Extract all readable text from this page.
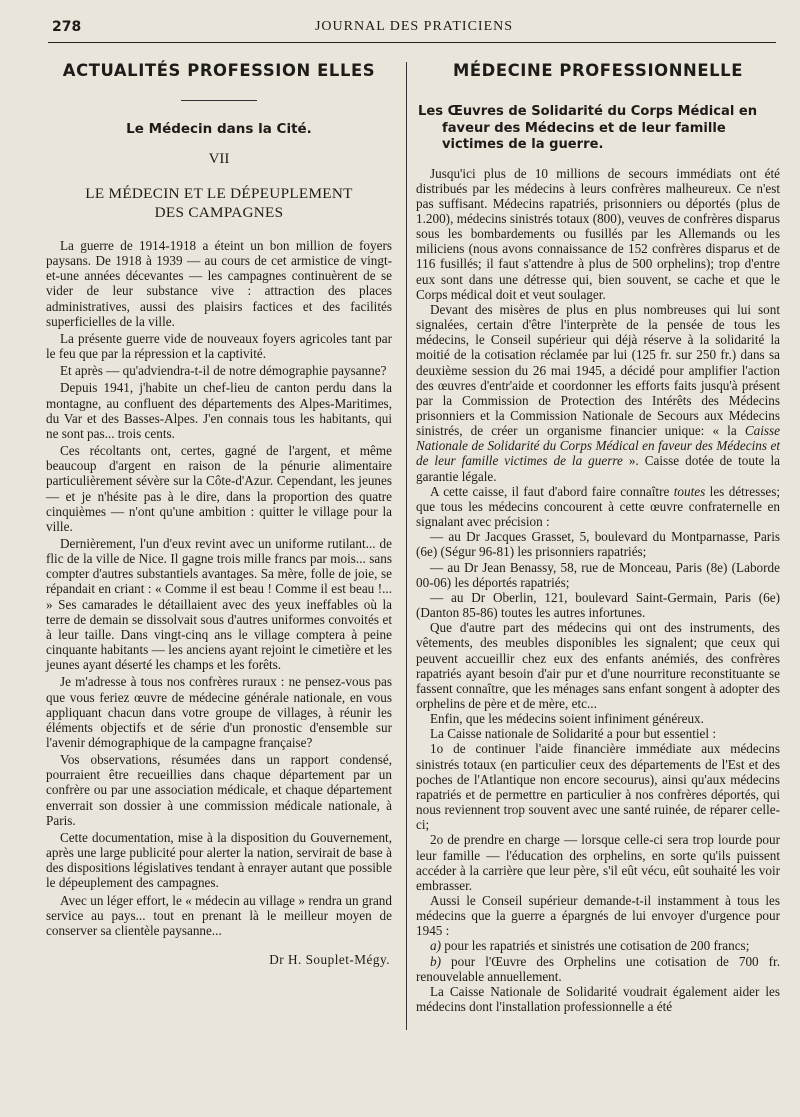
278	JOURNAL DES PRATICIENS
ACTUALITÉS PROFESSION ELLES
Le Médecin dans la Cité.
VII
LE MÉDECIN ET LE DÉPEUPLEMENT
DES CAMPAGNES

La guerre de 1914-1918 a éteint un bon million de foyers paysans. De 1918 à 1939 — au cours de cet armistice de vingt-et-une années décevantes — les campagnes continuèrent de se vider de leur substance vive : attraction des places administratives, aussi des plaisirs factices et des facilités superficielles de la ville.

La présente guerre vide de nouveaux foyers agricoles tant par le feu que par la répression et la captivité.

Et après — qu'adviendra-t-il de notre démographie paysanne?

Depuis 1941, j'habite un chef-lieu de canton perdu dans la montagne, au confluent des départements des Alpes-Maritimes, du Var et des Basses-Alpes. J'en connais tous les habitants, qui ne sont pas... trois cents.

Ces récoltants ont, certes, gagné de l'argent, et même beaucoup d'argent en raison de la pénurie alimentaire particulièrement sévère sur la Côte-d'Azur. Cependant, les jeunes — et je n'hésite pas à le dire, dans la proportion des quatre cinquièmes — n'ont qu'une ambition : quitter le village pour la ville.

Dernièrement, l'un d'eux revint avec un uniforme rutilant... de flic de la ville de Nice. Il gagne trois mille francs par mois... sans compter d'autres substantiels avantages. Sa mère, folle de joie, se répandait en criant : « Comme il est beau ! Comme il est beau !... » Ses camarades le détaillaient avec des yeux ineffables où la terre de demain se dissolvait sous d'autres uniformes convoités et à leur taille. Dans vingt-cinq ans le village comptera à peine cinquante habitants — les anciens ayant rejoint le cimetière et les jeunes ayant déserté les champs et les forêts.

Je m'adresse à tous nos confrères ruraux : ne pensez-vous pas que vous feriez œuvre de médecine générale nationale, en vous appliquant chacun dans votre groupe de villages, à réunir les éléments objectifs et de série d'un pronostic d'ensemble sur l'avenir démographique de la campagne française?

Vos observations, résumées dans un rapport condensé, pourraient être recueillies dans chaque département par un confrère ou par une association médicale, et chaque département enverrait son dossier à une commission médicale nationale, à Paris.

Cette documentation, mise à la disposition du Gouvernement, après une large publicité pour alerter la nation, servirait de base à des dispositions législatives tendant à enrayer autant que possible le dépeuplement des campagnes.

Avec un léger effort, le « médecin au village » rendra un grand service au pays... tout en prenant là le meilleur moyen de conserver sa clientèle paysanne...

Dr H. Souplet-Mégy.
MÉDECINE PROFESSIONNELLE
Les Œuvres de Solidarité du Corps Médical en faveur des Médecins et de leur famille victimes de la guerre.

Jusqu'ici plus de 10 millions de secours immédiats ont été distribués par les médecins à leurs confrères malheureux. Ce n'est pas suffisant. Médecins rapatriés, prisonniers ou déportés (plus de 1.200), médecins sinistrés totaux (800), veuves de confrères disparus sous les bombardements ou fusillés par les Allemands ou les miliciens (nous avons connaissance de 152 confrères disparus et de 116 fusillés; il faut s'attendre à plus de 500 orphelins); trop d'entre eux sont dans une détresse qui, bien souvent, se cache et que le Corps médical doit et veut soulager.

Devant des misères de plus en plus nombreuses qui lui sont signalées, certain d'être l'interprète de la pensée de tous les médecins, le Conseil supérieur qui déjà réserve à la solidarité la moitié de la cotisation réclamée par lui (125 fr. sur 250 fr.) dans sa deuxième session du 26 mai 1945, a décidé pour amplifier l'action des œuvres d'entr'aide et coordonner les efforts faits jusqu'à présent par la Commission de Protection des Intérêts des Médecins prisonniers et la Commission Nationale de Secours aux Médecins sinistrés, de créer un organisme financier unique: « la Caisse Nationale de Solidarité du Corps Médical en faveur des Médecins et de leur famille victimes de la guerre ». Caisse dotée de toute la garantie légale.

A cette caisse, il faut d'abord faire connaître toutes les détresses; que tous les médecins concourent à cette œuvre confraternelle en signalant avec précision :

— au Dr Jacques Grasset, 5, boulevard du Montparnasse, Paris (6e) (Ségur 96-81) les prisonniers rapatriés;

— au Dr Jean Benassy, 58, rue de Monceau, Paris (8e) (Laborde 00-06) les déportés rapatriés;

— au Dr Oberlin, 121, boulevard Saint-Germain, Paris (6e) (Danton 85-86) toutes les autres infortunes.

Que d'autre part des médecins qui ont des instruments, des vêtements, des meubles disponibles les signalent; que ceux qui peuvent accueillir chez eux des enfants anémiés, des confrères rapatriés ayant besoin d'air pur et d'une nourriture reconstituante se fassent connaître, que les ménages sans enfant songent à adopter des orphelins de père et de mère, etc...

Enfin, que les médecins soient infiniment généreux.

La Caisse nationale de Solidarité a pour but essentiel :

1o de continuer l'aide financière immédiate aux médecins sinistrés totaux (en particulier ceux des départements de l'Est et des poches de l'Atlantique non encore secourus), ainsi qu'aux médecins rapatriés et de permettre en particulier à nos confrères déportés, qui nous reviennent trop souvent avec une santé ruinée, de réparer celle-ci;

2o de prendre en charge — lorsque celle-ci sera trop lourde pour leur famille — l'éducation des orphelins, en sorte qu'ils puissent accéder à la carrière que leur père, s'il eût vécu, eût souhaité les voir embrasser.

Aussi le Conseil supérieur demande-t-il instamment à tous les médecins que la guerre a épargnés de lui envoyer d'urgence pour 1945 :

a) pour les rapatriés et sinistrés une cotisation de 200 francs;

b) pour l'Œuvre des Orphelins une cotisation de 700 fr. renouvelable annuellement.

La Caisse Nationale de Solidarité voudrait également aider les médecins dont l'installation professionnelle a été
